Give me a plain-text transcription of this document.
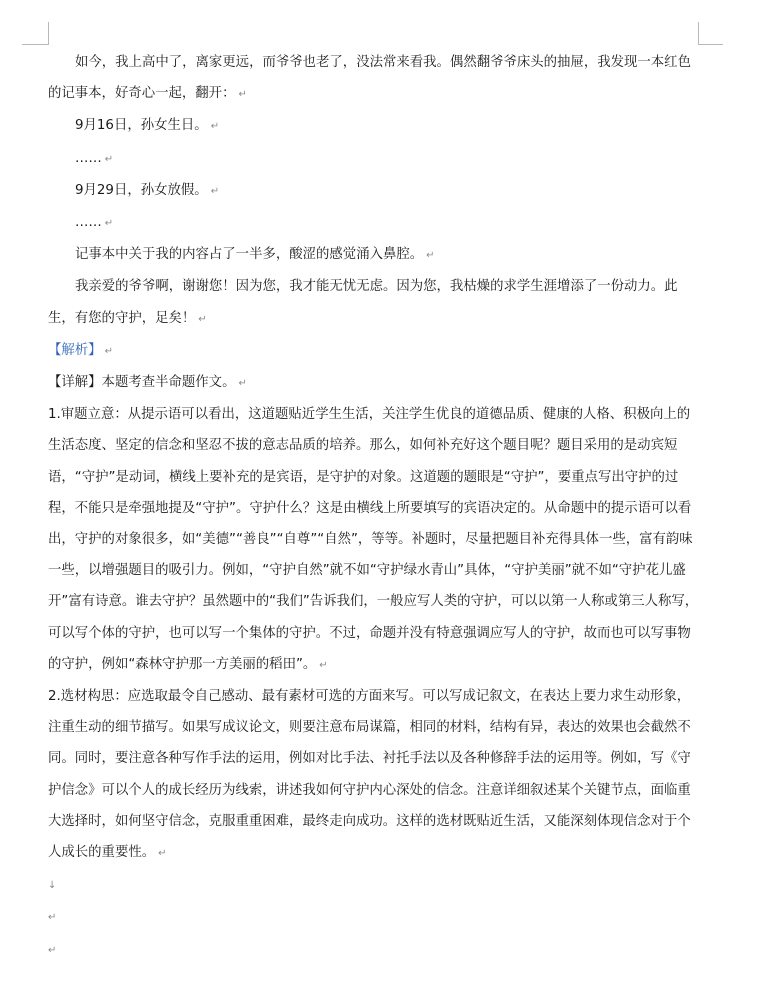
如今，我上高中了，离家更远，而爷爷也老了，没法常来看我。偶然翻爷爷床头的抽屉，我发现一本红色的记事本，好奇心一起，翻开： ↵

9月16日，孙女生日。 ↵

…… ↵

9月29日，孙女放假。 ↵

…… ↵

记事本中关于我的内容占了一半多，酸涩的感觉涌入鼻腔。 ↵

我亲爱的爷爷啊，谢谢您！因为您，我才能无忧无虑。因为您，我枯燥的求学生涯增添了一份动力。此生，有您的守护，足矣！ ↵

【解析】 ↵

【详解】本题考查半命题作文。 ↵

1.审题立意：从提示语可以看出，这道题贴近学生生活，关注学生优良的道德品质、健康的人格、积极向上的生活态度、坚定的信念和坚忍不拔的意志品质的培养。那么，如何补充好这个题目呢？题目采用的是动宾短语，“守护”是动词，横线上要补充的是宾语，是守护的对象。这道题的题眼是“守护”，要重点写出守护的过程，不能只是牵强地提及“守护”。守护什么？这是由横线上所要填写的宾语决定的。从命题中的提示语可以看出，守护的对象很多，如“美德”“善良”“自尊”“自然”，等等。补题时，尽量把题目补充得具体一些，富有韵味一些，以增强题目的吸引力。例如，“守护自然”就不如“守护绿水青山”具体，“守护美丽”就不如“守护花儿盛开”富有诗意。谁去守护？虽然题中的“我们”告诉我们，一般应写人类的守护，可以以第一人称或第三人称写，可以写个体的守护，也可以写一个集体的守护。不过，命题并没有特意强调应写人的守护，故而也可以写事物的守护，例如“森林守护那一方美丽的稻田”。 ↵

2.选材构思：应选取最令自己感动、最有素材可选的方面来写。可以写成记叙文，在表达上要力求生动形象，注重生动的细节描写。如果写成议论文，则要注意布局谋篇，相同的材料，结构有异，表达的效果也会截然不同。同时，要注意各种写作手法的运用，例如对比手法、衬托手法以及各种修辞手法的运用等。例如，写《守护信念》可以个人的成长经历为线索，讲述我如何守护内心深处的信念。注意详细叙述某个关键节点，面临重大选择时，如何坚守信念，克服重重困难，最终走向成功。这样的选材既贴近生活，又能深刻体现信念对于个人成长的重要性。 ↵

↓

↵

↵
